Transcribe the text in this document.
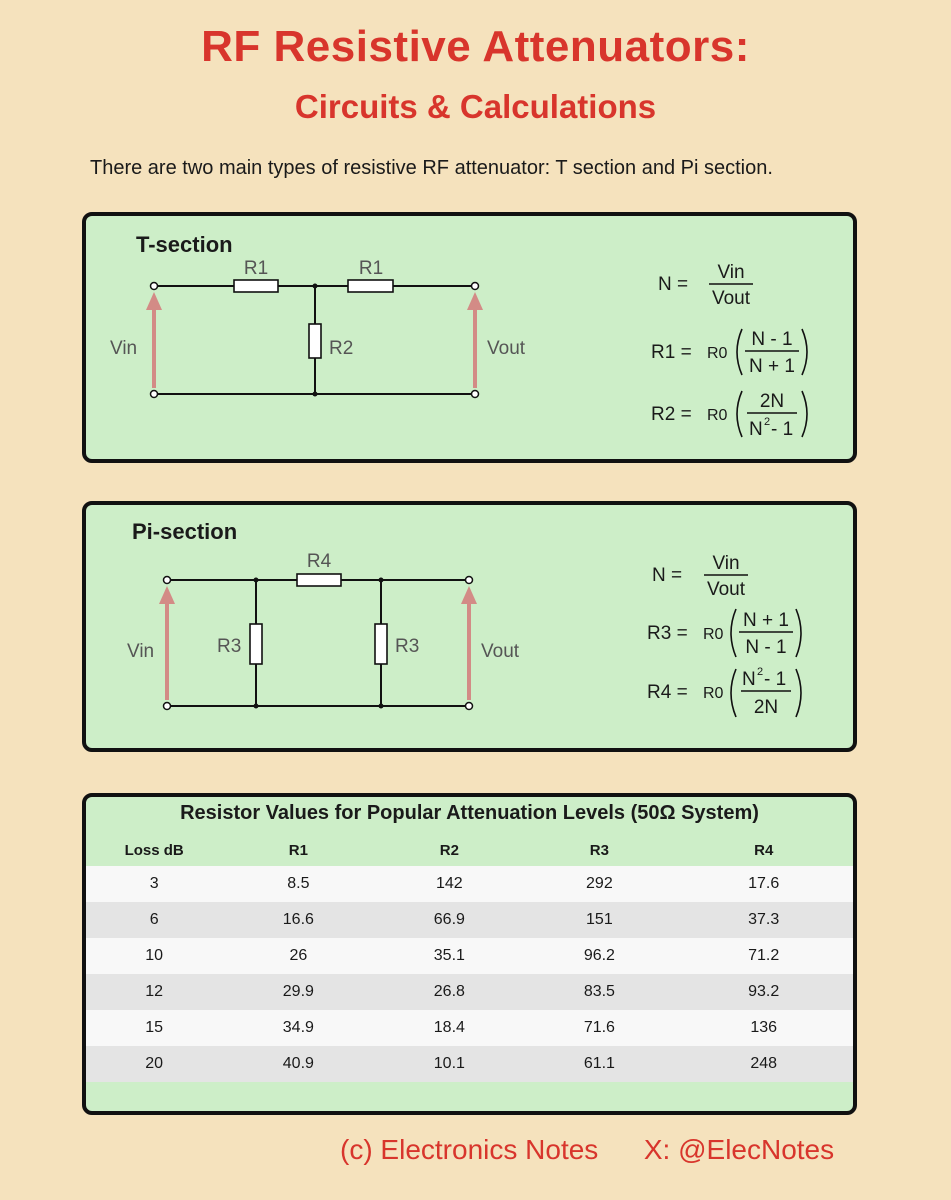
RF Resistive Attenuators:
Circuits & Calculations
There are two main types of resistive RF attenuator: T section and Pi section.
T-section
R1	R1
R2
Vin	Vout
N =
Vin
Vout
R1 = R0
N - 1
N + 1
R2 = R0
2N
N 2 - 1
Pi-section
R4
R3	R3
Vin	Vout
N =
Vin
Vout
R3 = R0
N + 1
N - 1
R4 = R0
N 2 - 1
2N
Resistor Values for Popular Attenuation Levels (50Ω System)
Loss dB	R1	R2	R3	R4
3	8.5	142	292	17.6
6	16.6	66.9	151	37.3
10	26	35.1	96.2	71.2
12	29.9	26.8	83.5	93.2
15	34.9	18.4	71.6	136
20	40.9	10.1	61.1	248
(c) Electronics Notes X: @ElecNotes
